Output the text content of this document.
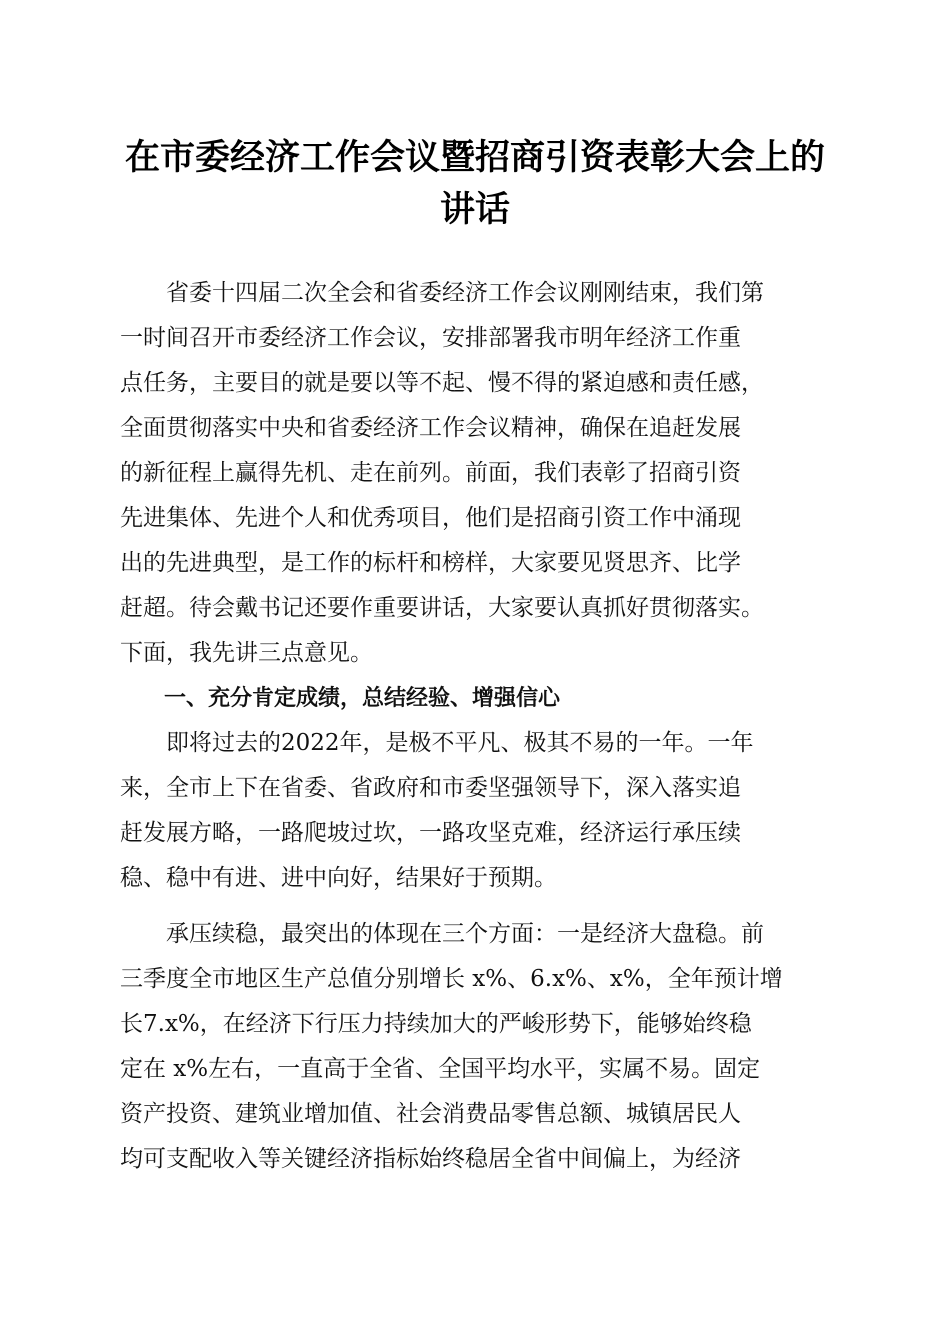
在市委经济工作会议暨招商引资表彰大会上的
讲话
　　省委十四届二次全会和省委经济工作会议刚刚结束，我们第
一时间召开市委经济工作会议，安排部署我市明年经济工作重
点任务，主要目的就是要以等不起、慢不得的紧迫感和责任感，
全面贯彻落实中央和省委经济工作会议精神，确保在追赶发展
的新征程上赢得先机、走在前列。前面，我们表彰了招商引资
先进集体、先进个人和优秀项目，他们是招商引资工作中涌现
出的先进典型，是工作的标杆和榜样，大家要见贤思齐、比学
赶超。待会戴书记还要作重要讲话，大家要认真抓好贯彻落实。
下面，我先讲三点意见。
　　一、充分肯定成绩，总结经验、增强信心
　　即将过去的2022年，是极不平凡、极其不易的一年。一年
来，全市上下在省委、省政府和市委坚强领导下，深入落实追
赶发展方略，一路爬坡过坎，一路攻坚克难，经济运行承压续
稳、稳中有进、进中向好，结果好于预期。
　　承压续稳，最突出的体现在三个方面：一是经济大盘稳。前
三季度全市地区生产总值分别增长 x%、6.x%、x%，全年预计增
长7.x%，在经济下行压力持续加大的严峻形势下，能够始终稳
定在 x%左右，一直高于全省、全国平均水平，实属不易。固定
资产投资、建筑业增加值、社会消费品零售总额、城镇居民人
均可支配收入等关键经济指标始终稳居全省中间偏上，为经济
